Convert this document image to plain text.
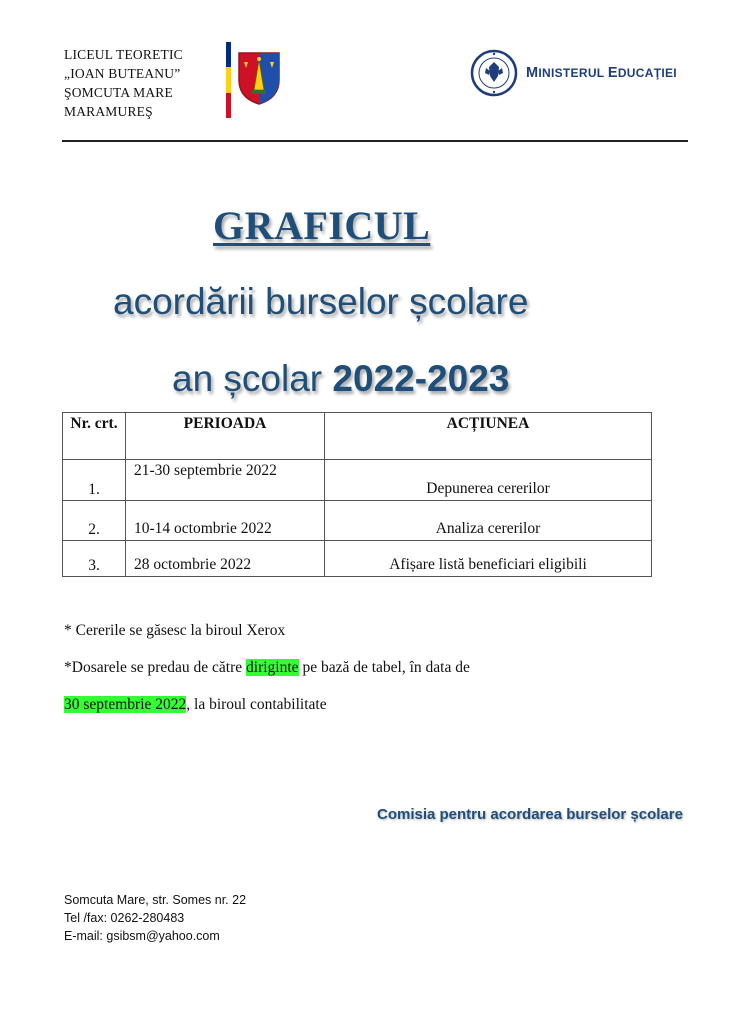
LICEUL TEORETIC
„IOAN BUTEANU”
ŞOMCUTA MARE
MARAMUREŞ
MINISTERUL EDUCAŢIEI
GRAFICUL
acordării burselor școlare
an școlar 2022-2023
Nr. crt.	PERIOADA	ACȚIUNEA
1.	21-30 septembrie 2022	Depunerea cererilor
2.	10-14 octombrie 2022	Analiza cererilor
3.	28 octombrie 2022	Afișare listă beneficiari eligibili
* Cererile se găsesc la biroul Xerox
*Dosarele se predau de către diriginte pe bază de tabel, în data de
30 septembrie 2022, la biroul contabilitate
Comisia pentru acordarea burselor școlare
Somcuta Mare, str. Somes nr. 22
Tel /fax: 0262-280483
E-mail: gsibsm@yahoo.com
